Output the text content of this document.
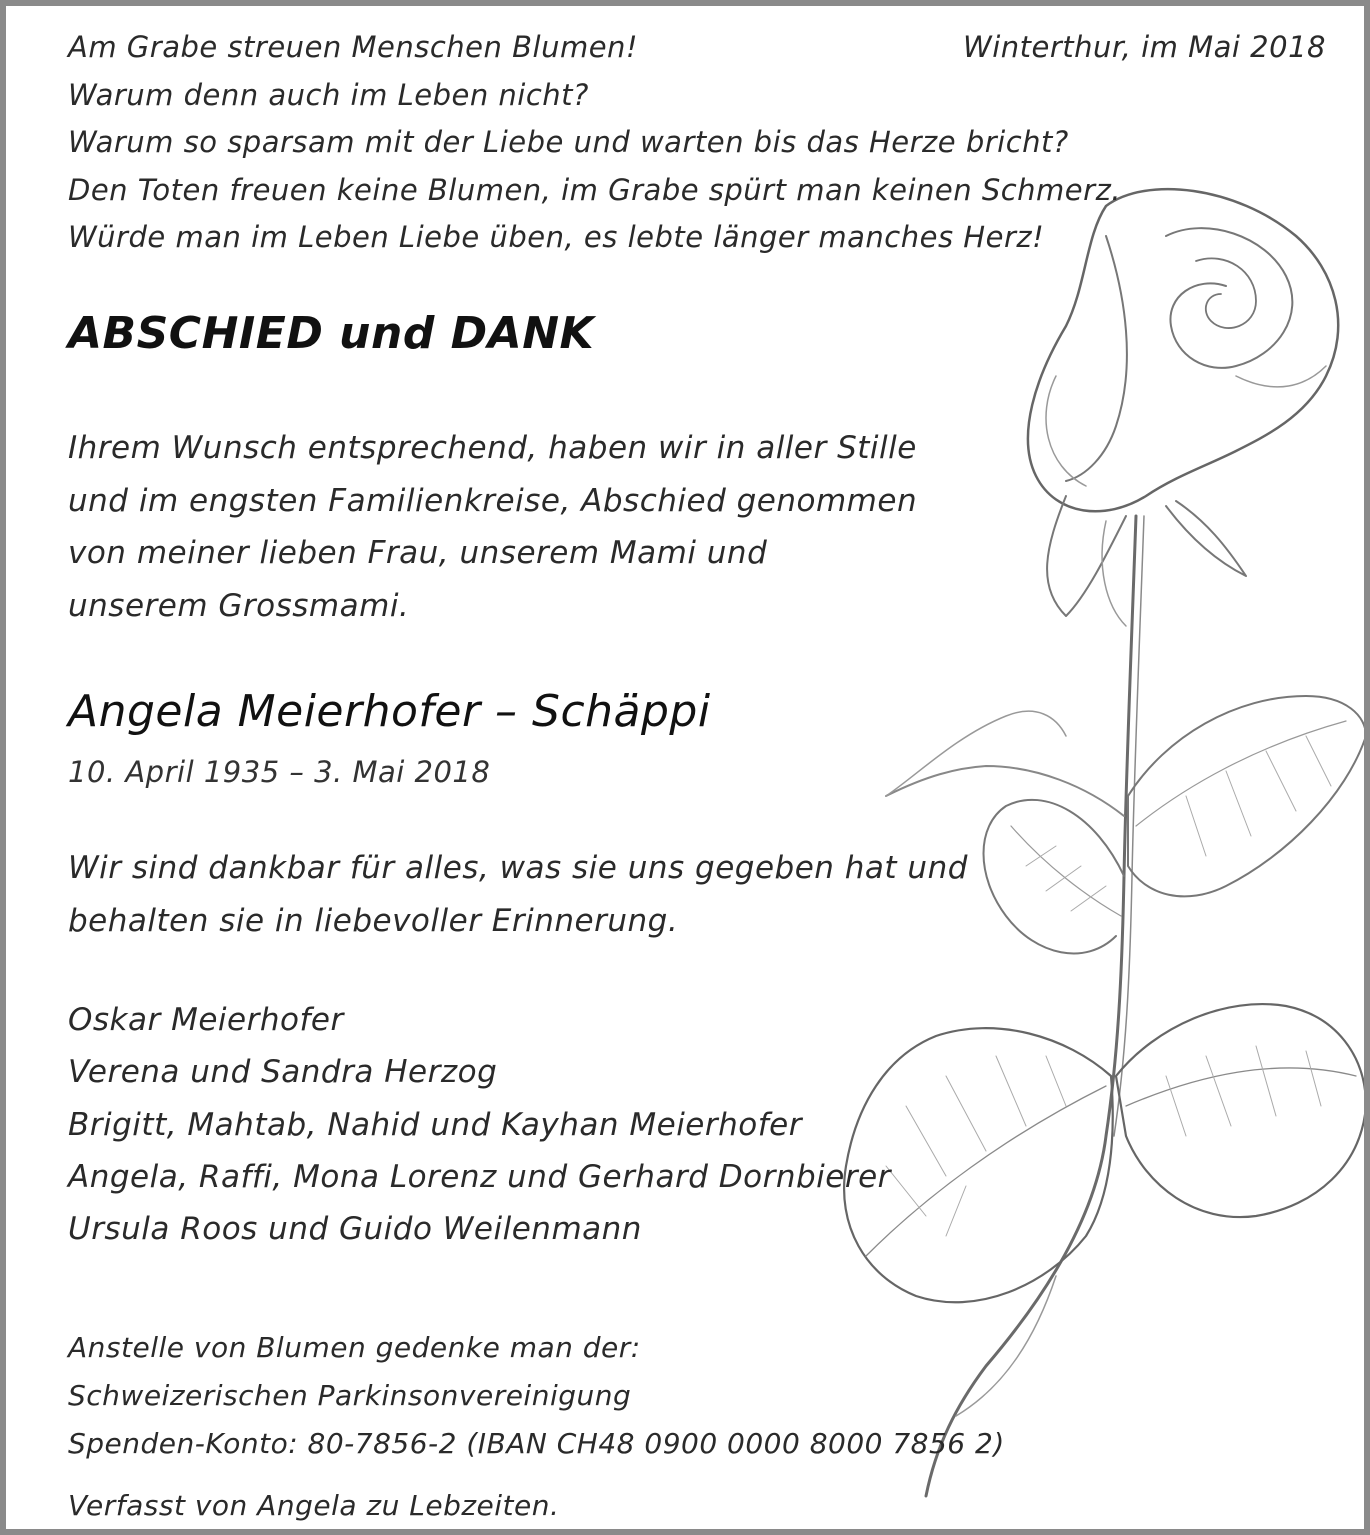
Am Grabe streuen Menschen Blumen!
Warum denn auch im Leben nicht?
Warum so sparsam mit der Liebe und warten bis das Herze bricht?
Den Toten freuen keine Blumen, im Grabe spürt man keinen Schmerz.
Würde man im Leben Liebe üben, es lebte länger manches Herz!
Winterthur, im Mai 2018
ABSCHIED und DANK
Ihrem Wunsch entsprechend, haben wir in aller Stille
und im engsten Familienkreise, Abschied genommen
von meiner lieben Frau, unserem Mami und
unserem Grossmami.
Angela Meierhofer – Schäppi
10. April 1935 – 3. Mai 2018
Wir sind dankbar für alles, was sie uns gegeben hat und
behalten sie in liebevoller Erinnerung.
Oskar Meierhofer
Verena und Sandra Herzog
Brigitt, Mahtab, Nahid und Kayhan Meierhofer
Angela, Raffi, Mona Lorenz und Gerhard Dornbierer
Ursula Roos und Guido Weilenmann
Anstelle von Blumen gedenke man der:
Schweizerischen Parkinsonvereinigung
Spenden-Konto: 80-7856-2 (IBAN CH48 0900 0000 8000 7856 2)
Verfasst von Angela zu Lebzeiten.
